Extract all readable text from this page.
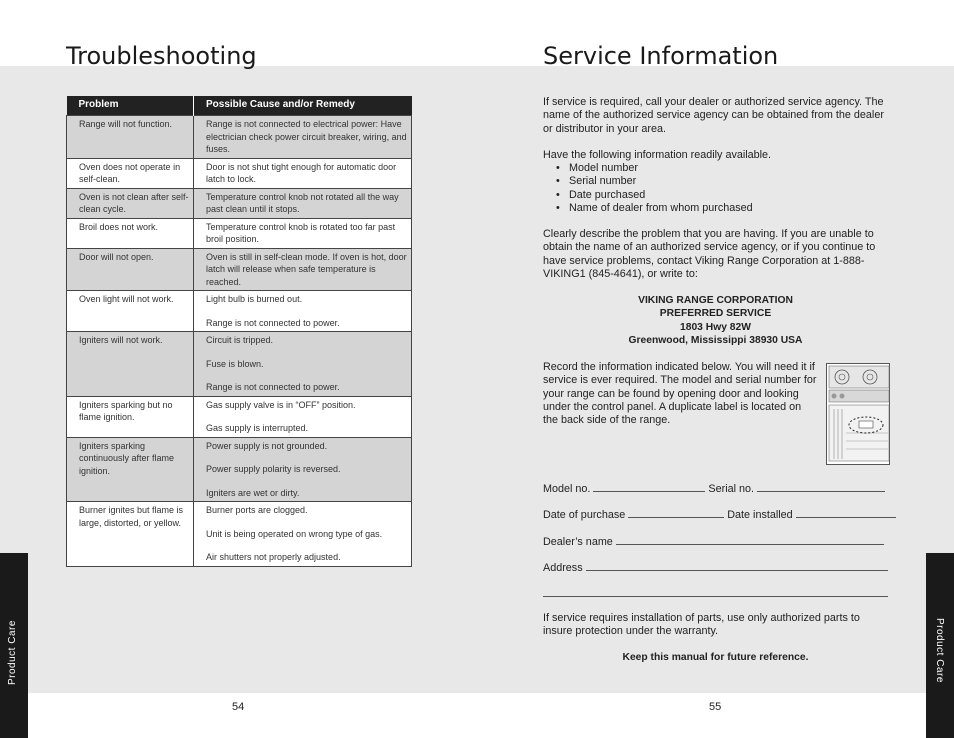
Product Care	Product Care
Troubleshooting	Service Information
Problem	Possible Cause and/or Remedy
Range will not function.	Range is not connected to electrical power: Have electrician check power circuit breaker, wiring, and fuses.

Oven does not operate in self-clean.	Door is not shut tight enough for automatic door latch to lock.

Oven is not clean after self-clean cycle.	Temperature control knob not rotated all the way past clean until it stops.

Broil does not work.	Temperature control knob is rotated too far past broil position.

Door will not open.	Oven is still in self-clean mode. If oven is hot, door latch will release when safe temperature is reached.

Oven light will not work.	Light bulb is burned out.
Range is not connected to power.

Igniters will not work.	Circuit is tripped.
Fuse is blown.
Range is not connected to power.

Igniters sparking but no flame ignition.	Gas supply valve is in “OFF” position.
Gas supply is interrupted.

Igniters sparking continuously after flame ignition.	Power supply is not grounded.
Power supply polarity is reversed.
Igniters are wet or dirty.

Burner ignites but flame is large, distorted, or yellow.	Burner ports are clogged.
Unit is being operated on wrong type of gas.
Air shutters not properly adjusted.
If service is required, call your dealer or authorized service agency. The name of the authorized service agency can be obtained from the dealer or distributor in your area.
Have the following information readily available.
• Model number
• Serial number
• Date purchased
• Name of dealer from whom purchased
Clearly describe the problem that you are having. If you are unable to obtain the name of an authorized service agency, or if you continue to have service problems, contact Viking Range Corporation at 1-888-VIKING1 (845-4641), or write to:
VIKING RANGE CORPORATION
PREFERRED SERVICE
1803 Hwy 82W
Greenwood, Mississippi 38930 USA
Record the information indicated below. You will need it if service is ever required. The model and serial number for your range can be found by opening door and looking under the control panel. A duplicate label is located on the back side of the range.
Model no.	Serial no.
Date of purchase	Date installed
Dealer’s name
Address
If service requires installation of parts, use only authorized parts to insure protection under the warranty.
Keep this manual for future reference.
54	55
